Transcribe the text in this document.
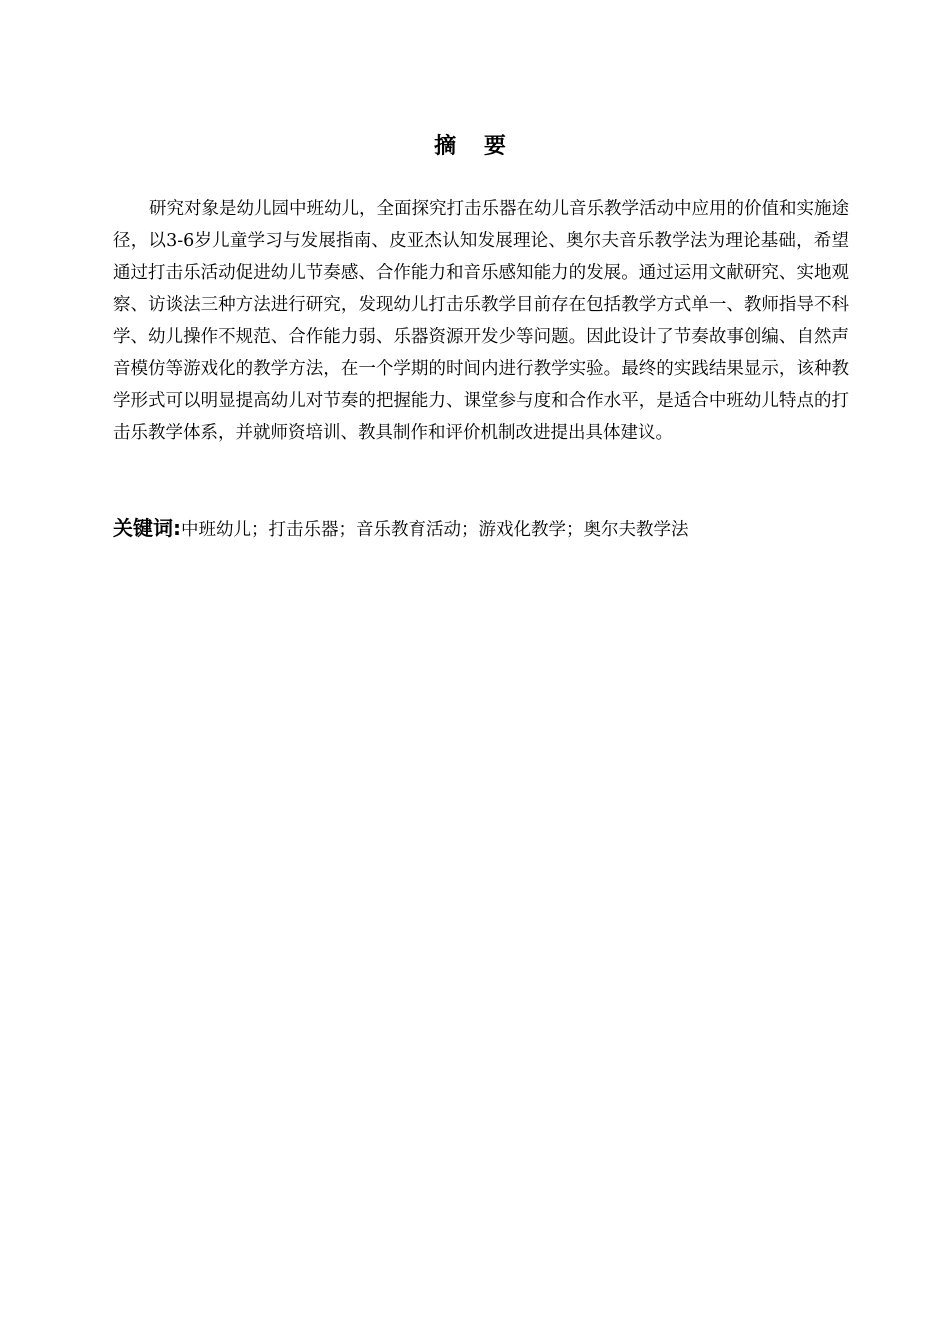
摘 要

研究对象是幼儿园中班幼儿，全面探究打击乐器在幼儿音乐教学活动中应用的价值和实施途径，以3-6岁儿童学习与发展指南、皮亚杰认知发展理论、奥尔夫音乐教学法为理论基础，希望通过打击乐活动促进幼儿节奏感、合作能力和音乐感知能力的发展。通过运用文献研究、实地观察、访谈法三种方法进行研究，发现幼儿打击乐教学目前存在包括教学方式单一、教师指导不科学、幼儿操作不规范、合作能力弱、乐器资源开发少等问题。因此设计了节奏故事创编、自然声音模仿等游戏化的教学方法，在一个学期的时间内进行教学实验。最终的实践结果显示，该种教学形式可以明显提高幼儿对节奏的把握能力、课堂参与度和合作水平，是适合中班幼儿特点的打击乐教学体系，并就师资培训、教具制作和评价机制改进提出具体建议。

关键词:中班幼儿；打击乐器；音乐教育活动；游戏化教学；奥尔夫教学法
